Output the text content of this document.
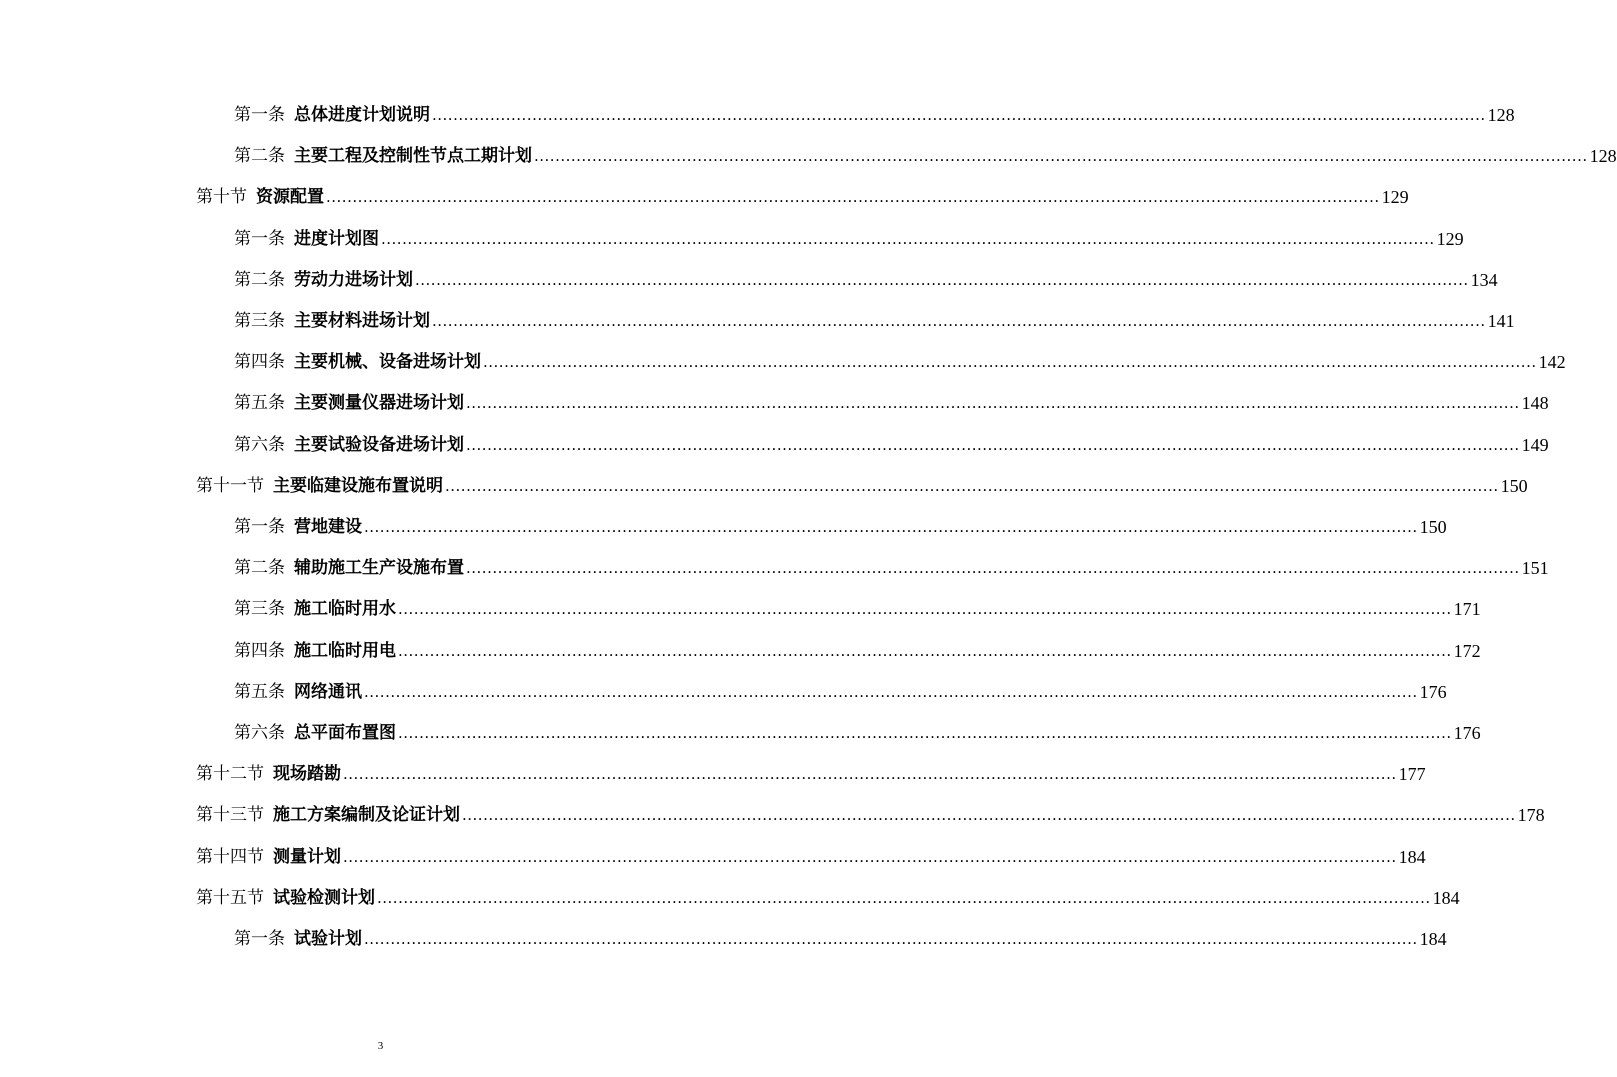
第一条 总体进度计划说明 ........................................................................................................................................................................................................ 128
第二条 主要工程及控制性节点工期计划 ........................................................................................................................................................................................................ 128
第十节 资源配置 ........................................................................................................................................................................................................ 129
第一条 进度计划图 ........................................................................................................................................................................................................ 129
第二条 劳动力进场计划 ........................................................................................................................................................................................................ 134
第三条 主要材料进场计划 ........................................................................................................................................................................................................ 141
第四条 主要机械、设备进场计划 ........................................................................................................................................................................................................ 142
第五条 主要测量仪器进场计划 ........................................................................................................................................................................................................ 148
第六条 主要试验设备进场计划 ........................................................................................................................................................................................................ 149
第十一节 主要临建设施布置说明 ........................................................................................................................................................................................................ 150
第一条 营地建设 ........................................................................................................................................................................................................ 150
第二条 辅助施工生产设施布置 ........................................................................................................................................................................................................ 151
第三条 施工临时用水 ........................................................................................................................................................................................................ 171
第四条 施工临时用电 ........................................................................................................................................................................................................ 172
第五条 网络通讯 ........................................................................................................................................................................................................ 176
第六条 总平面布置图 ........................................................................................................................................................................................................ 176
第十二节 现场踏勘 ........................................................................................................................................................................................................ 177
第十三节 施工方案编制及论证计划 ........................................................................................................................................................................................................ 178
第十四节 测量计划 ........................................................................................................................................................................................................ 184
第十五节 试验检测计划 ........................................................................................................................................................................................................ 184
第一条 试验计划 ........................................................................................................................................................................................................ 184
3
